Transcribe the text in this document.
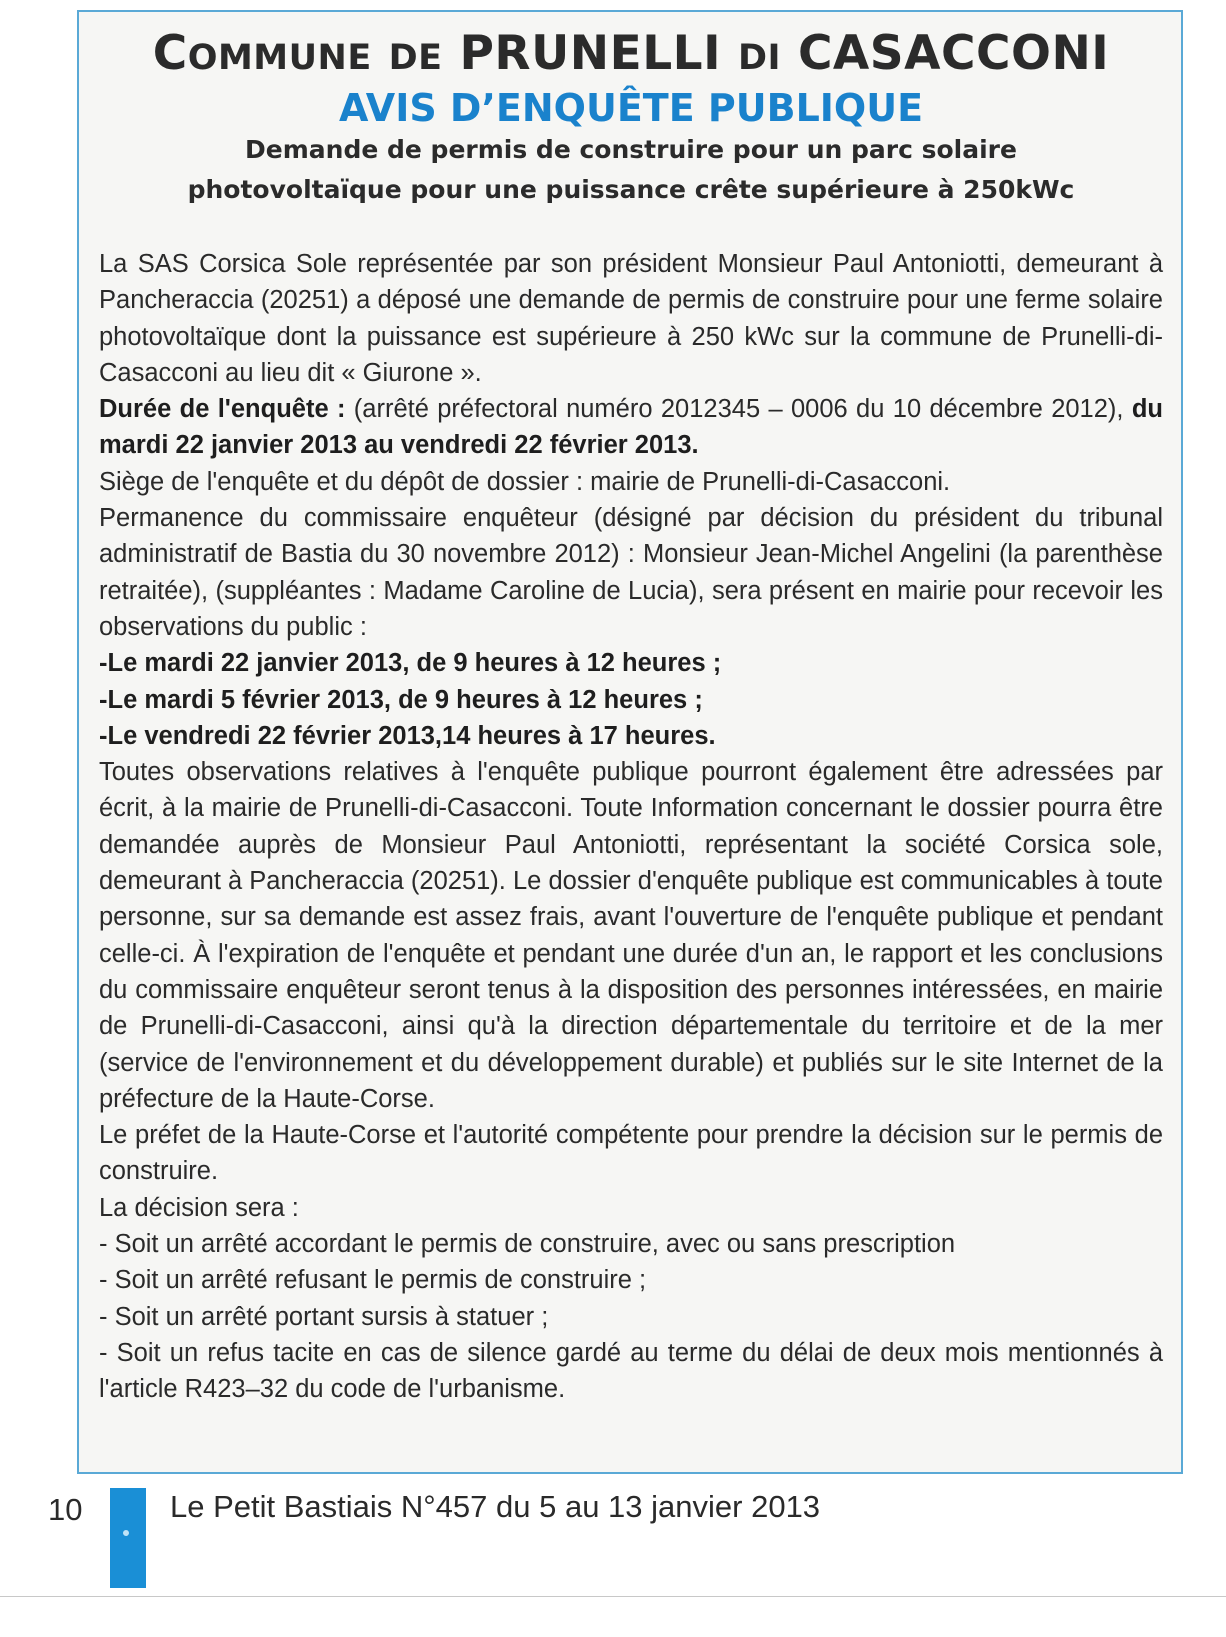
COMMUNE DE PRUNELLI DI CASACCONI
AVIS D’ENQUÊTE PUBLIQUE
Demande de permis de construire pour un parc solaire
photovoltaïque pour une puissance crête supérieure à 250kWc

La SAS Corsica Sole représentée par son président Monsieur Paul Antoniotti, demeurant à Pancheraccia (20251) a déposé une demande de permis de construire pour une ferme solaire photovoltaïque dont la puissance est supérieure à 250 kWc sur la commune de Prunelli-di-Casacconi au lieu dit « Giurone ».

Durée de l'enquête : (arrêté préfectoral numéro 2012345 – 0006 du 10 décembre 2012), du mardi 22 janvier 2013 au vendredi 22 février 2013.

Siège de l'enquête et du dépôt de dossier : mairie de Prunelli-di-Casacconi.

Permanence du commissaire enquêteur (désigné par décision du président du tribunal administratif de Bastia du 30 novembre 2012) : Monsieur Jean-Michel Angelini (la parenthèse retraitée), (suppléantes : Madame Caroline de Lucia), sera présent en mairie pour recevoir les observations du public :

-Le mardi 22 janvier 2013, de 9 heures à 12 heures ;

-Le mardi 5 février 2013, de 9 heures à 12 heures ;

-Le vendredi 22 février 2013,14 heures à 17 heures.

Toutes observations relatives à l'enquête publique pourront également être adressées par écrit, à la mairie de Prunelli-di-Casacconi. Toute Information concernant le dossier pourra être demandée auprès de Monsieur Paul Antoniotti, représentant la société Corsica sole, demeurant à Pancheraccia (20251). Le dossier d'enquête publique est communicables à toute personne, sur sa demande est assez frais, avant l'ouverture de l'enquête publique et pendant celle-ci. À l'expiration de l'enquête et pendant une durée d'un an, le rapport et les conclusions du commissaire enquêteur seront tenus à la disposition des personnes intéressées, en mairie de Prunelli-di-Casacconi, ainsi qu'à la direction départementale du territoire et de la mer (service de l'environnement et du développement durable) et publiés sur le site Internet de la préfecture de la Haute-Corse.

Le préfet de la Haute-Corse et l'autorité compétente pour prendre la décision sur le permis de construire.

La décision sera :

- Soit un arrêté accordant le permis de construire, avec ou sans prescription

- Soit un arrêté refusant le permis de construire ;

- Soit un arrêté portant sursis à statuer ;

- Soit un refus tacite en cas de silence gardé au terme du délai de deux mois mentionnés à l'article R423–32 du code de l'urbanisme.

10	Le Petit Bastiais N°457 du 5 au 13 janvier 2013
